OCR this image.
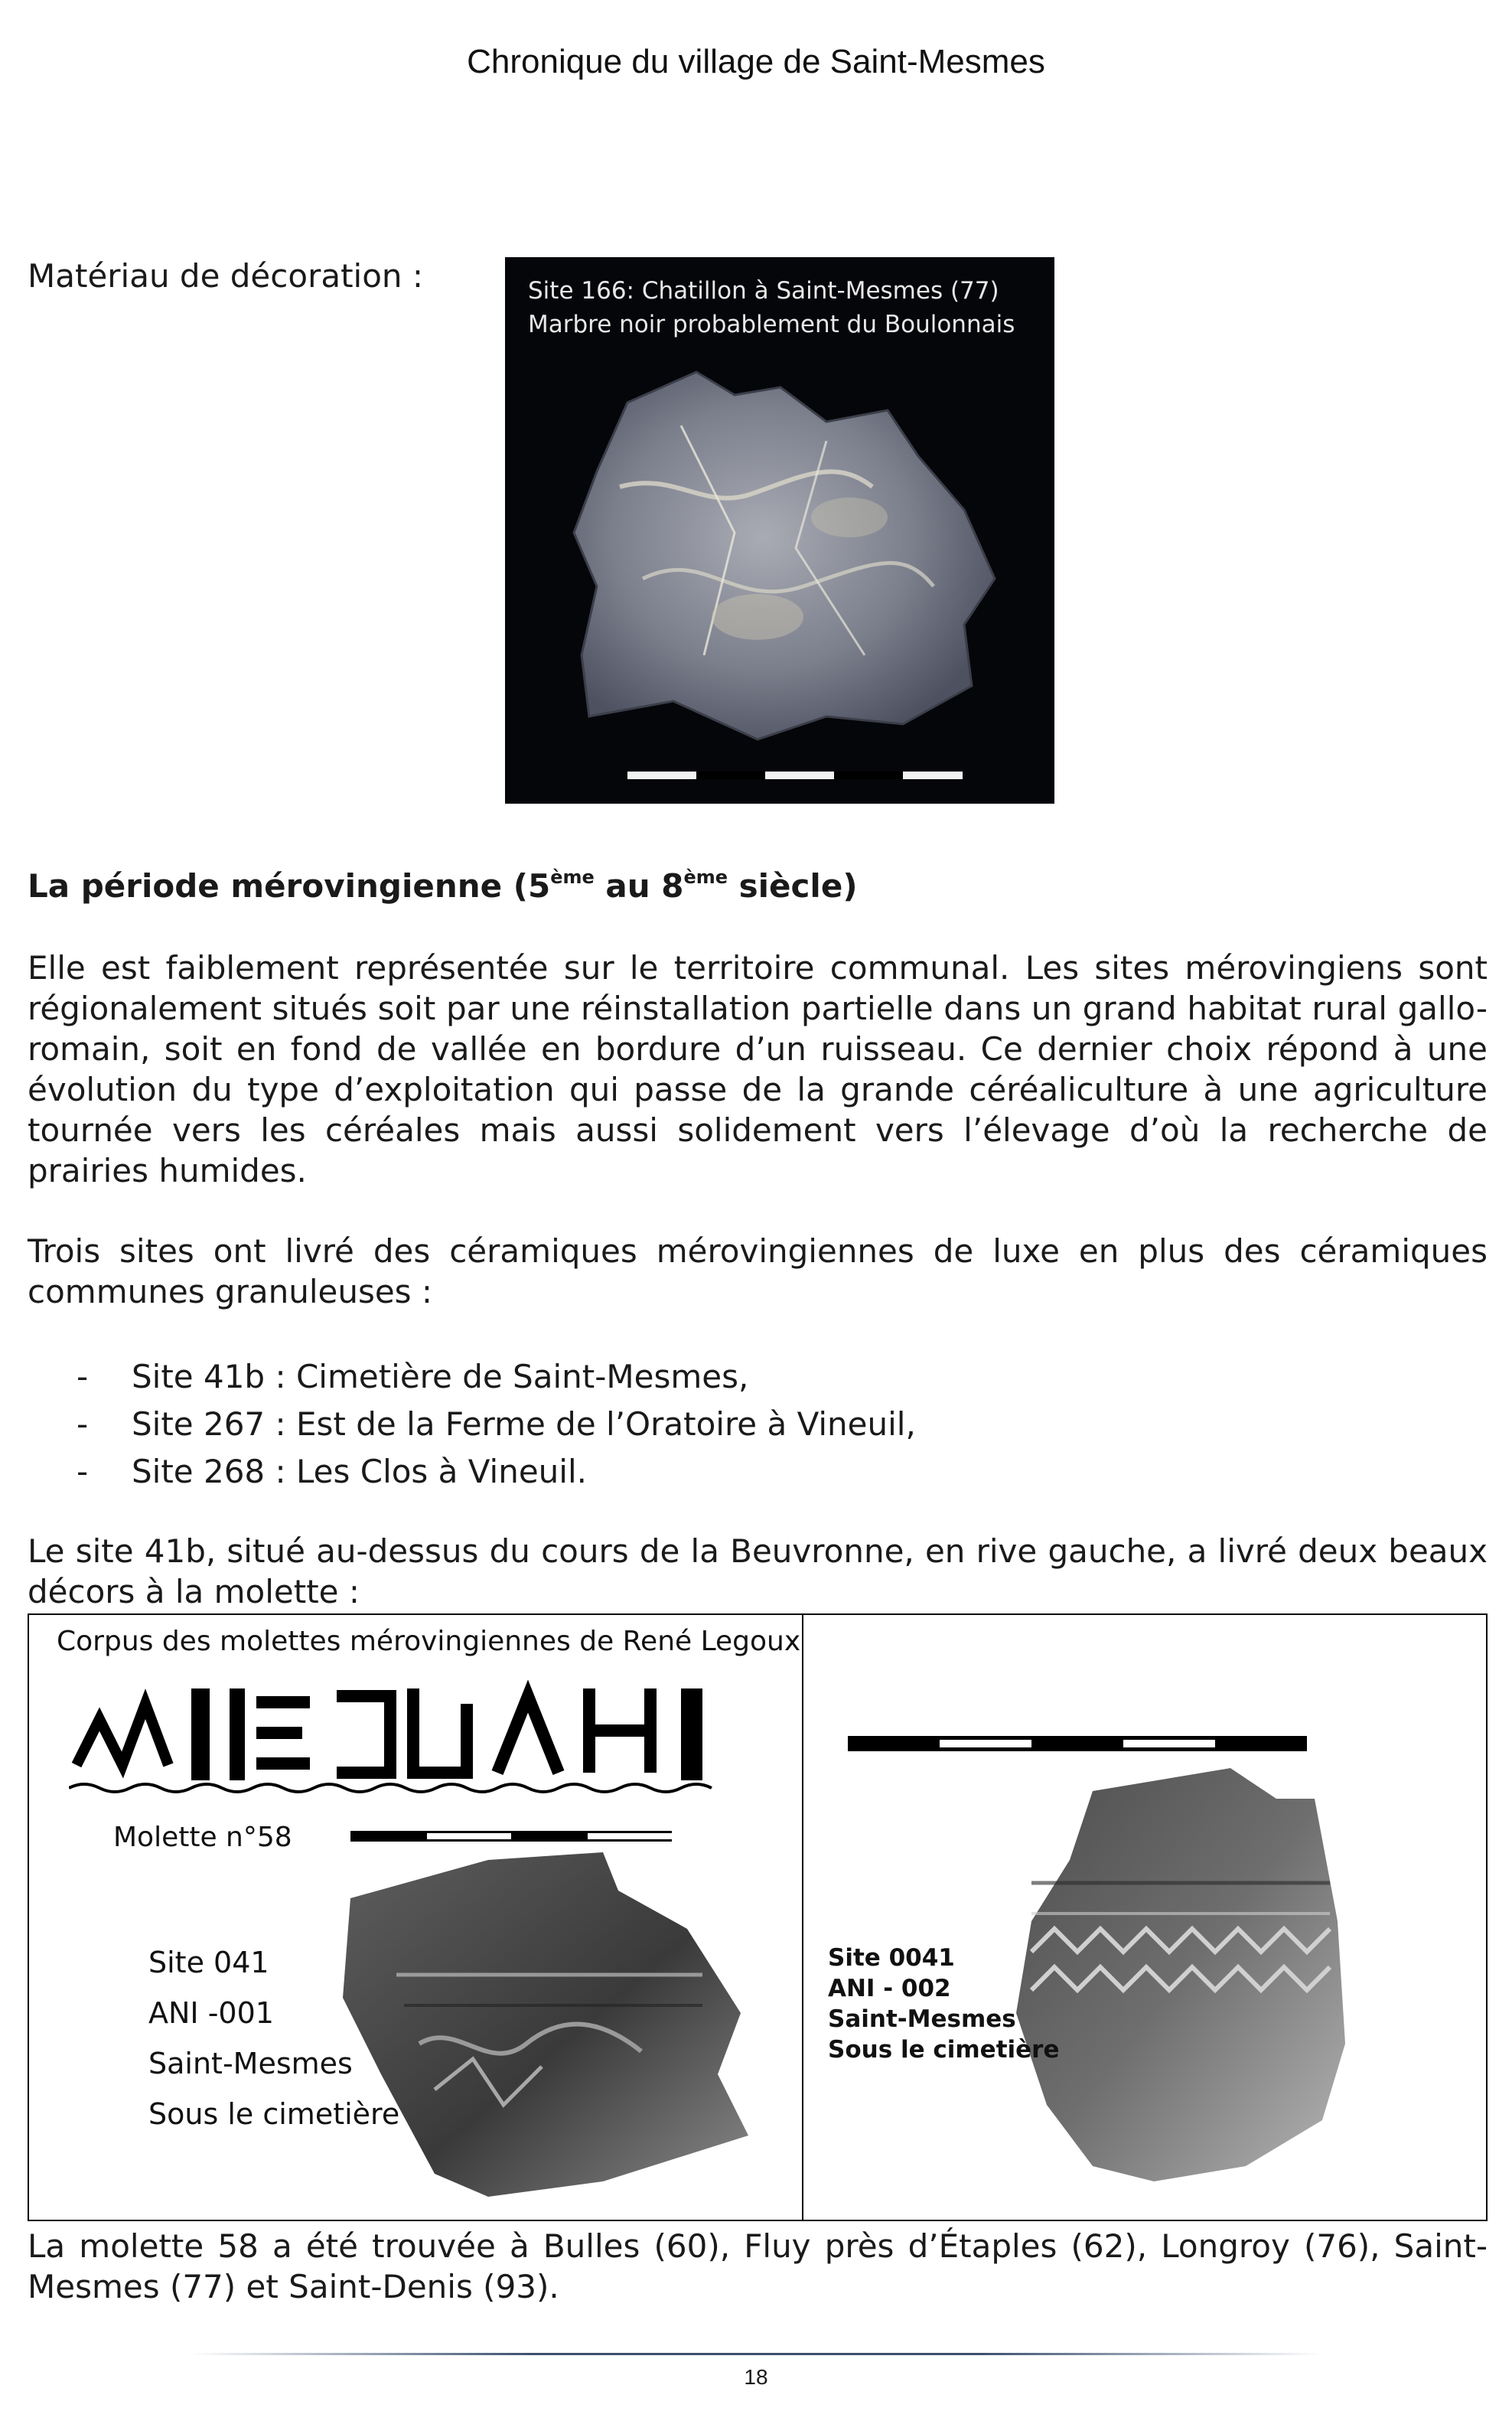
Chronique du village de Saint-Mesmes
Matériau de décoration :	Site 166: Chatillon à Saint-Mesmes (77)
Marbre noir probablement du Boulonnais
La période mérovingienne (5ème au 8ème siècle)
Elle est faiblement représentée sur le territoire communal. Les sites mérovingiens sont régionalement situés soit par une réinstallation partielle dans un grand habitat rural gallo-romain, soit en fond de vallée en bordure d’un ruisseau. Ce dernier choix répond à une évolution du type d’exploitation qui passe de la grande céréaliculture à une agriculture tournée vers les céréales mais aussi solidement vers l’élevage d’où la recherche de prairies humides.
Trois sites ont livré des céramiques mérovingiennes de luxe en plus des céramiques communes granuleuses :
-	Site 41b : Cimetière de Saint-Mesmes,
-	Site 267 : Est de la Ferme de l’Oratoire à Vineuil,
-	Site 268 : Les Clos à Vineuil.
Le site 41b, situé au-dessus du cours de la Beuvronne, en rive gauche, a livré deux beaux décors à la molette :
Corpus des molettes mérovingiennes de René Legoux
Molette n°58
Site 041
ANI -001
Saint-Mesmes
Sous le cimetière
Site 0041
ANI - 002
Saint-Mesmes
Sous le cimetière
La molette 58 a été trouvée à Bulles (60), Fluy près d’Étaples (62), Longroy (76), Saint-Mesmes (77) et Saint-Denis (93).
18
